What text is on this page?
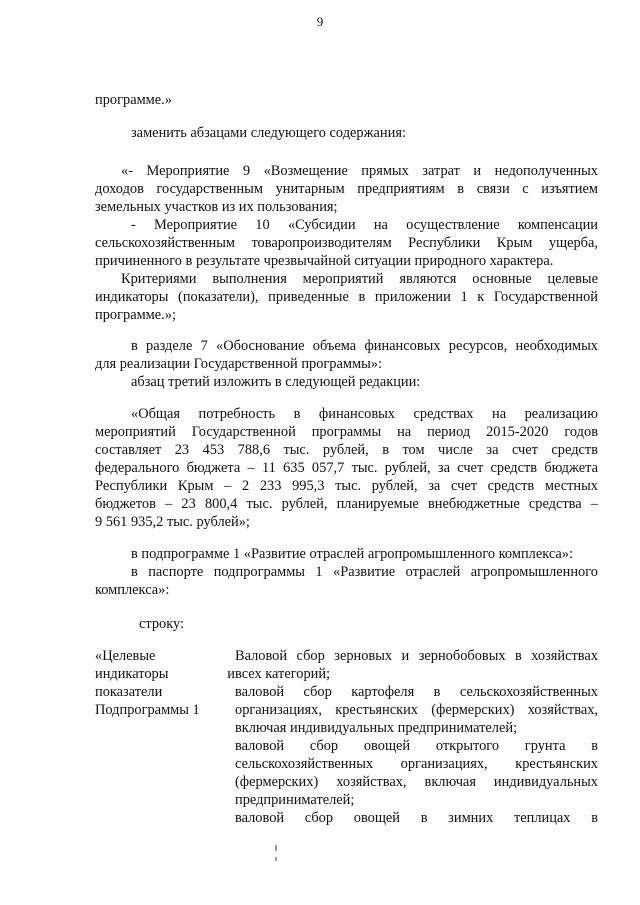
9

программе.»

заменить абзацами следующего содержания:

«- Мероприятие 9 «Возмещение прямых затрат и недополученных

доходов государственным унитарным предприятиям в связи с изъятием

земельных участков из их пользования;

- Мероприятие 10 «Субсидии на осуществление компенсации

сельскохозяйственным товаропроизводителям Республики Крым ущерба,

причиненного в результате чрезвычайной ситуации природного характера.

Критериями выполнения мероприятий являются основные целевые

индикаторы (показатели), приведенные в приложении 1 к Государственной

программе.»;

в разделе 7 «Обоснование объема финансовых ресурсов, необходимых

для реализации Государственной программы»:

абзац третий изложить в следующей редакции:

«Общая потребность в финансовых средствах на реализацию

мероприятий Государственной программы на период 2015-2020 годов

составляет 23 453 788,6 тыс. рублей, в том числе за счет средств

федерального бюджета – 11 635 057,7 тыс. рублей, за счет средств бюджета

Республики Крым – 2 233 995,3 тыс. рублей, за счет средств местных

бюджетов – 23 800,4 тыс. рублей, планируемые внебюджетные средства –

9 561 935,2 тыс. рублей»;

в подпрограмме 1 «Развитие отраслей агропромышленного комплекса»:

в паспорте подпрограммы 1 «Развитие отраслей агропромышленного

комплекса»:

строку:

«Целевые

индикаторы и

показатели

Подпрограммы 1

Валовой сбор зерновых и зернобобовых в хозяйствах

всех категорий;

валовой сбор картофеля в сельскохозяйственных

организациях, крестьянских (фермерских) хозяйствах,

включая индивидуальных предпринимателей;

валовой сбор овощей открытого грунта в

сельскохозяйственных организациях, крестьянских

(фермерских) хозяйствах, включая индивидуальных

предпринимателей;

валовой сбор овощей в зимних теплицах в
